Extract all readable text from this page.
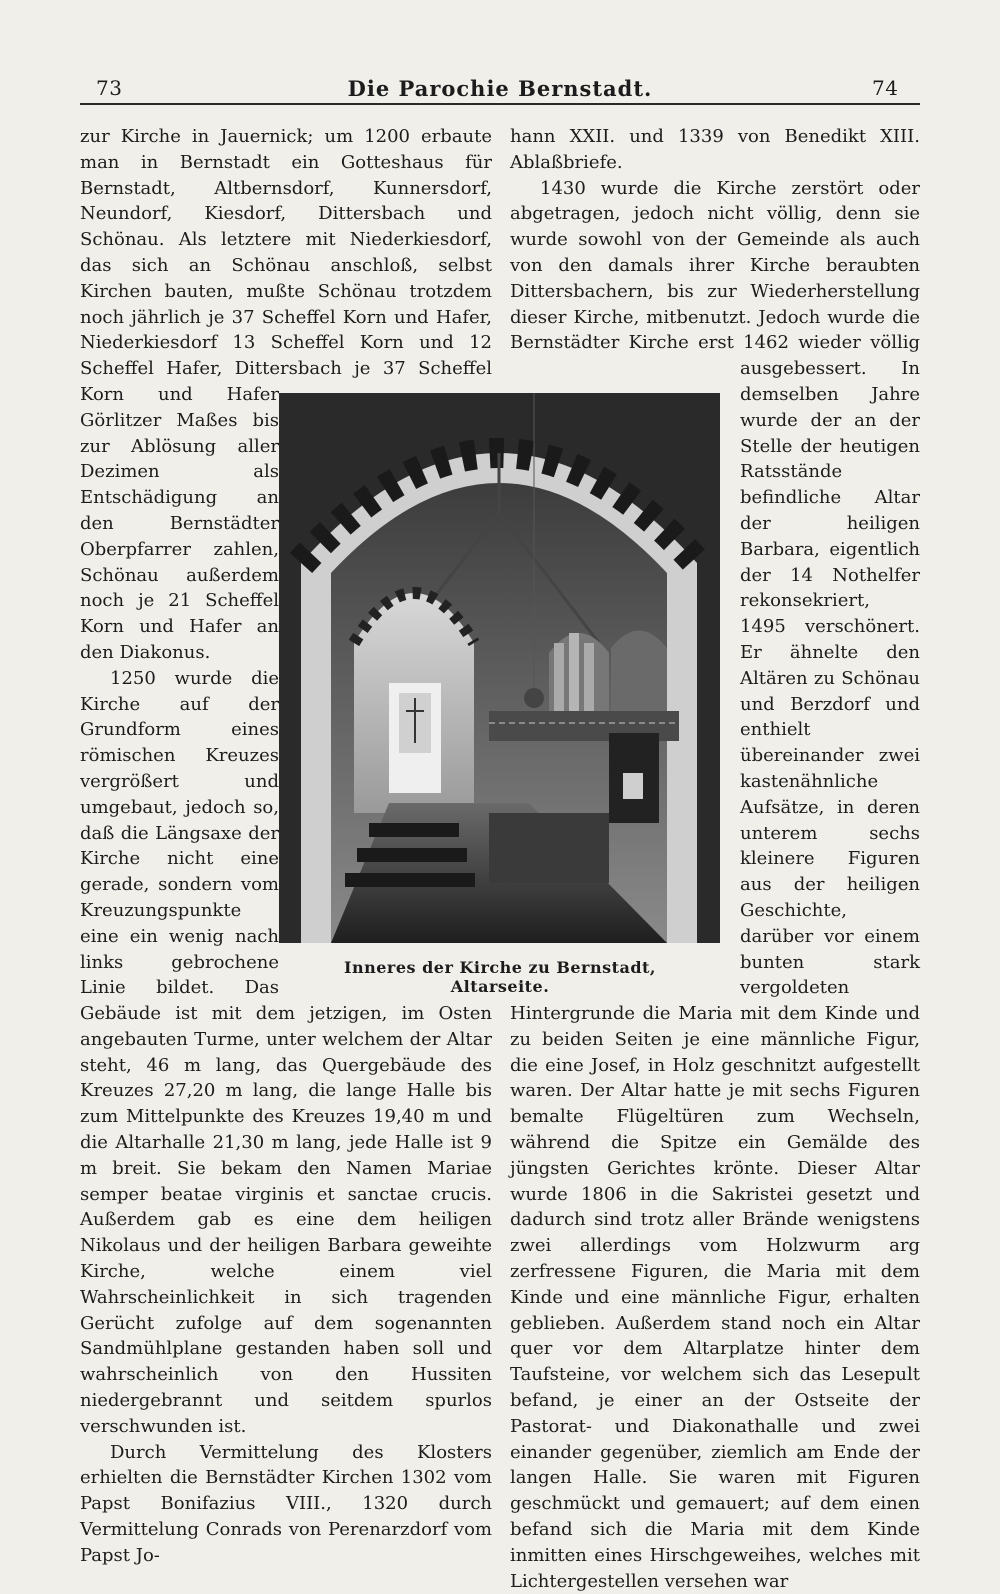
73	Die Parochie Bernstadt.	74

zur Kirche in Jauernick; um 1200 erbaute man in Bernstadt ein Gotteshaus für Bernstadt, Altbernsdorf, Kunnersdorf, Neundorf, Kiesdorf, Dittersbach und Schönau. Als letztere mit Niederkiesdorf, das sich an Schönau anschloß, selbst Kirchen bauten, mußte Schönau trotzdem noch jährlich je 37 Scheffel Korn und Hafer, Niederkiesdorf 13 Scheffel Korn und 12 Scheffel Hafer, Dittersbach je 37 Scheffel Korn und Hafer Görlitzer Maßes bis zur Ablösung aller Dezimen als Entschädigung an den Bernstädter Oberpfarrer zahlen, Schönau außerdem noch je 21 Scheffel Korn und Hafer an den Diakonus.

1250 wurde die Kirche auf der Grundform eines römischen Kreuzes vergrößert und umgebaut, jedoch so, daß die Längsaxe der Kirche nicht eine gerade, sondern vom Kreuzungspunkte eine ein wenig nach links gebrochene Linie bildet. Das Gebäude ist mit dem jetzigen, im Osten angebauten Turme, unter welchem der Altar steht, 46 m lang, das Quergebäude des Kreuzes 27,20 m lang, die lange Halle bis zum Mittelpunkte des Kreuzes 19,40 m und die Altarhalle 21,30 m lang, jede Halle ist 9 m breit. Sie bekam den Namen Mariae semper beatae virginis et sanctae crucis. Außerdem gab es eine dem heiligen Nikolaus und der heiligen Barbara geweihte Kirche, welche einem viel Wahrscheinlichkeit in sich tragenden Gerücht zufolge auf dem sogenannten Sandmühlplane gestanden haben soll und wahrscheinlich von den Hussiten niedergebrannt und seitdem spurlos verschwunden ist.

Durch Vermittelung des Klosters erhielten die Bernstädter Kirchen 1302 vom Papst Bonifazius VIII., 1320 durch Vermittelung Conrads von Perenarzdorf vom Papst Jo-

hann XXII. und 1339 von Benedikt XIII. Ablaßbriefe.

1430 wurde die Kirche zerstört oder abgetragen, jedoch nicht völlig, denn sie wurde sowohl von der Gemeinde als auch von den damals ihrer Kirche beraubten Dittersbachern, bis zur Wiederherstellung dieser Kirche, mitbenutzt. Jedoch wurde die Bernstädter Kirche erst 1462 wieder völlig ausgebessert. In demselben Jahre wurde der an der Stelle der heutigen Ratsstände befindliche Altar der heiligen Barbara, eigentlich der 14 Nothelfer rekonsekriert, 1495 verschönert. Er ähnelte den Altären zu Schönau und Berzdorf und enthielt übereinander zwei kastenähnliche Aufsätze, in deren unterem sechs kleinere Figuren aus der heiligen Geschichte, darüber vor einem bunten stark vergoldeten Hintergrunde die Maria mit dem Kinde und zu beiden Seiten je eine männliche Figur, die eine Josef, in Holz geschnitzt aufgestellt waren. Der Altar hatte je mit sechs Figuren bemalte Flügeltüren zum Wechseln, während die Spitze ein Gemälde des jüngsten Gerichtes krönte. Dieser Altar wurde 1806 in die Sakristei gesetzt und dadurch sind trotz aller Brände wenigstens zwei allerdings vom Holzwurm arg zerfressene Figuren, die Maria mit dem Kinde und eine männliche Figur, erhalten geblieben. Außerdem stand noch ein Altar quer vor dem Altarplatze hinter dem Taufsteine, vor welchem sich das Lesepult befand, je einer an der Ostseite der Pastorat- und Diakonathalle und zwei einander gegenüber, ziemlich am Ende der langen Halle. Sie waren mit Figuren geschmückt und gemauert; auf dem einen befand sich die Maria mit dem Kinde inmitten eines Hirschgeweihes, welches mit Lichtergestellen versehen war

Inneres der Kirche zu Bernstadt, Altarseite.
